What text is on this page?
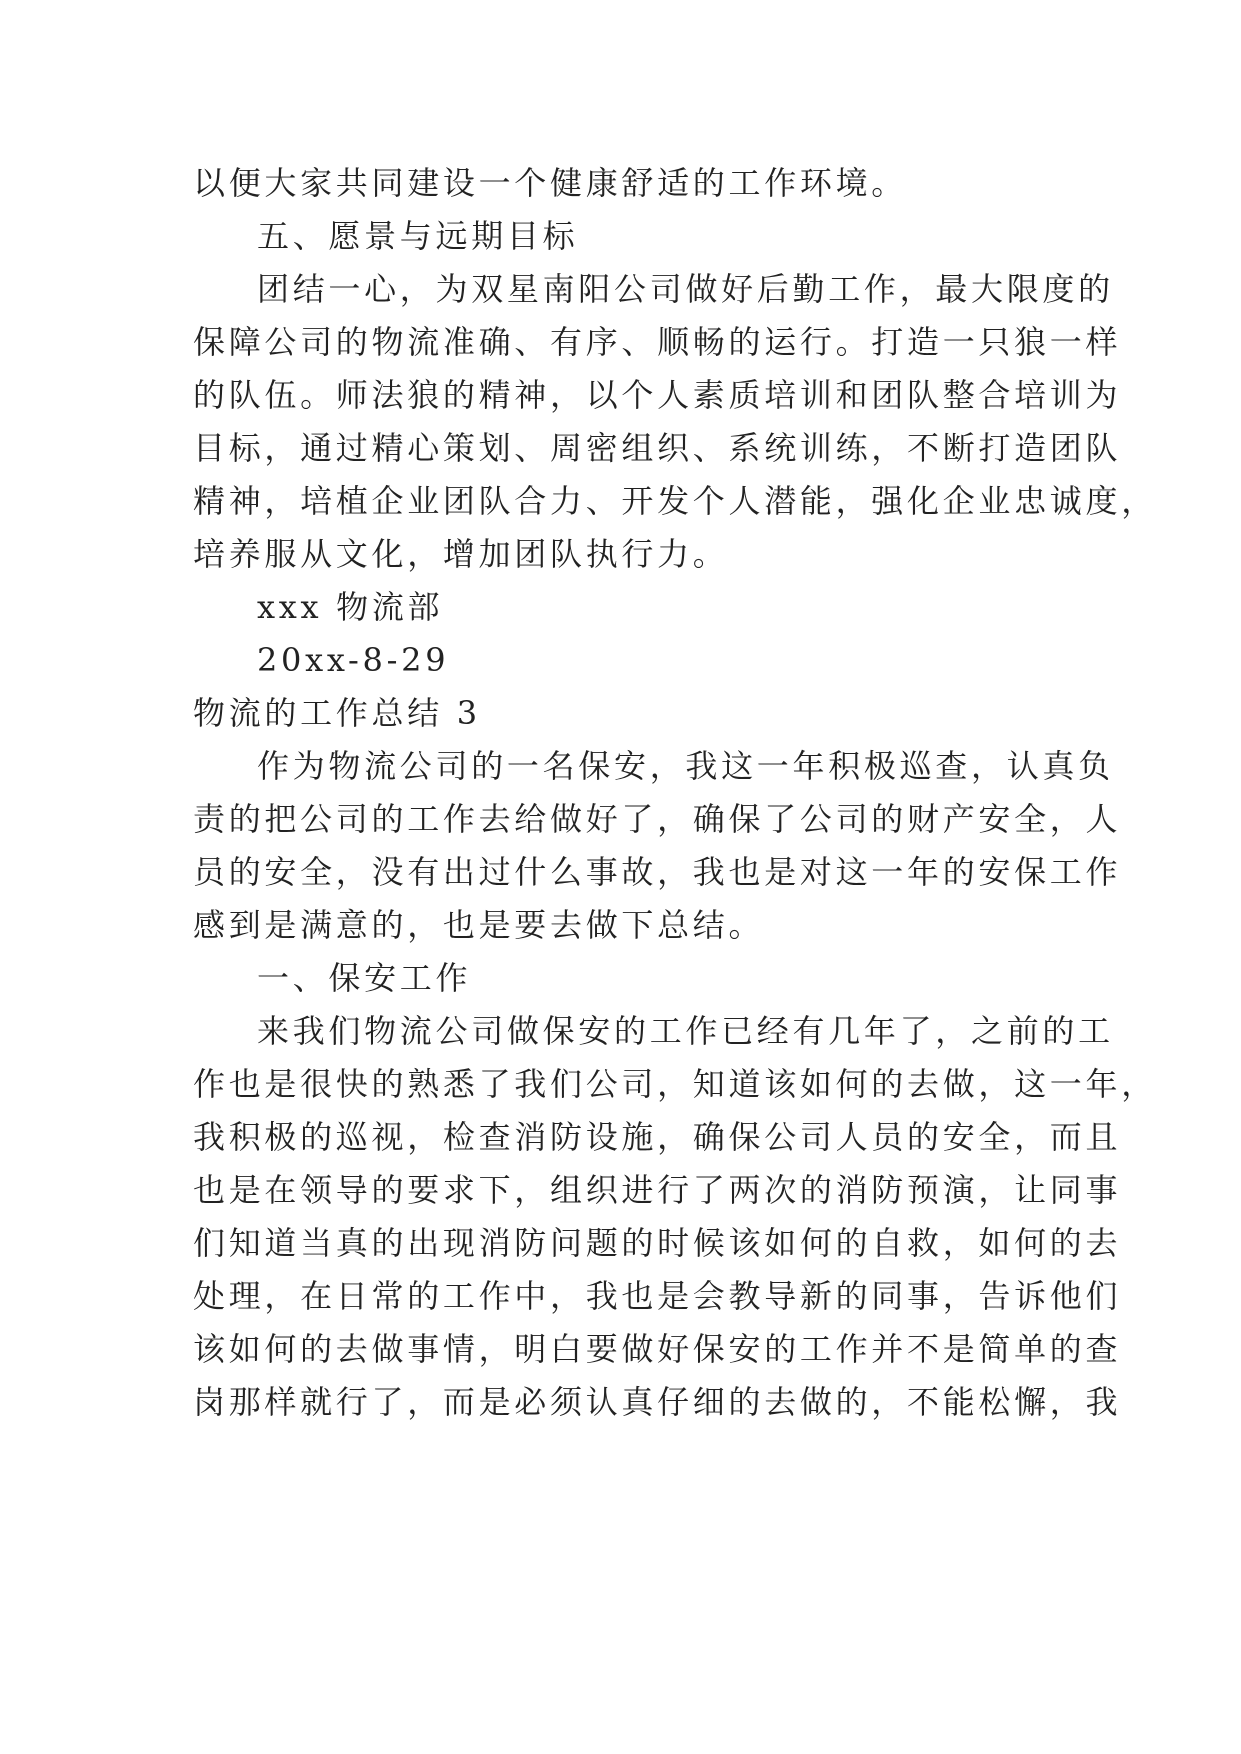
以便大家共同建设一个健康舒适的工作环境。
五、愿景与远期目标
团结一心，为双星南阳公司做好后勤工作，最大限度的
保障公司的物流准确、有序、顺畅的运行。打造一只狼一样
的队伍。师法狼的精神，以个人素质培训和团队整合培训为
目标，通过精心策划、周密组织、系统训练，不断打造团队
精神，培植企业团队合力、开发个人潜能，强化企业忠诚度，
培养服从文化，增加团队执行力。
xxx 物流部
20xx-8-29
物流的工作总结 3
作为物流公司的一名保安，我这一年积极巡查，认真负
责的把公司的工作去给做好了，确保了公司的财产安全，人
员的安全，没有出过什么事故，我也是对这一年的安保工作
感到是满意的，也是要去做下总结。
一、保安工作
来我们物流公司做保安的工作已经有几年了，之前的工
作也是很快的熟悉了我们公司，知道该如何的去做，这一年，
我积极的巡视，检查消防设施，确保公司人员的安全，而且
也是在领导的要求下，组织进行了两次的消防预演，让同事
们知道当真的出现消防问题的时候该如何的自救，如何的去
处理，在日常的工作中，我也是会教导新的同事，告诉他们
该如何的去做事情，明白要做好保安的工作并不是简单的查
岗那样就行了，而是必须认真仔细的去做的，不能松懈，我
